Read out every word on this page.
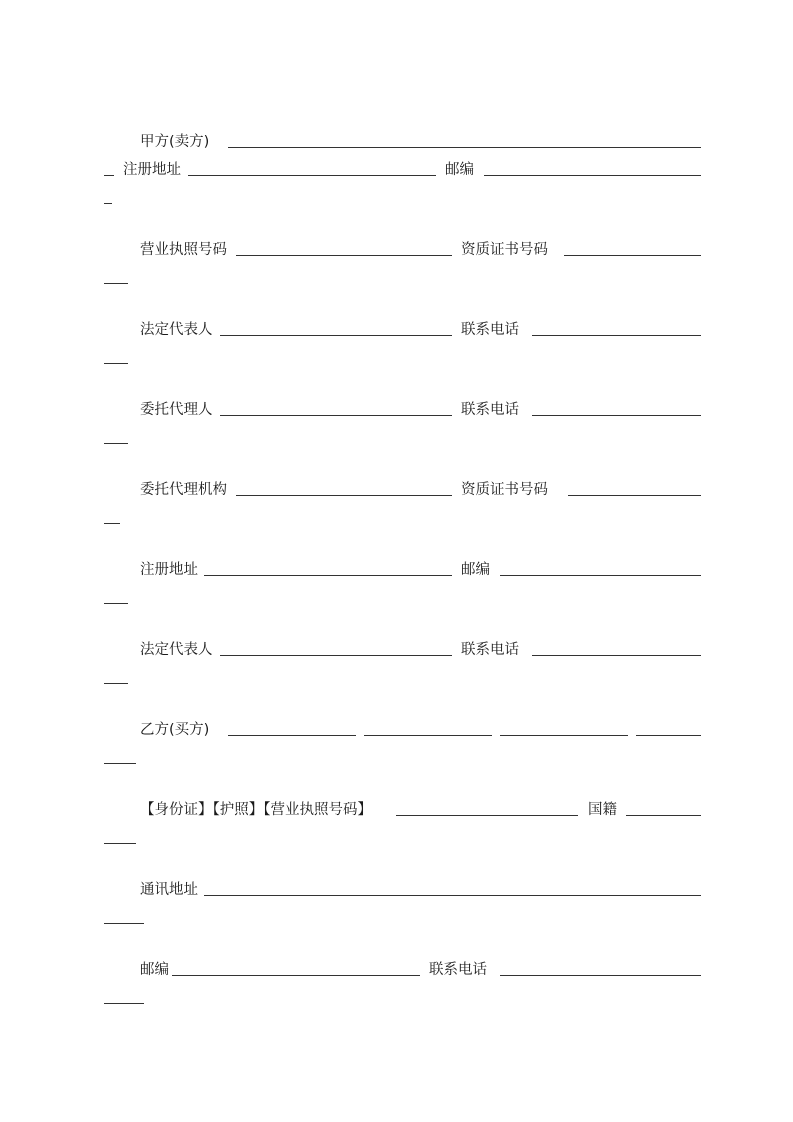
甲方(卖方)
注册地址	邮编
营业执照号码	资质证书号码
法定代表人	联系电话
委托代理人	联系电话
委托代理机构	资质证书号码
注册地址	邮编
法定代表人	联系电话
乙方(买方)
【身份证】【护照】【营业执照号码】	国籍
通讯地址
邮编	联系电话
